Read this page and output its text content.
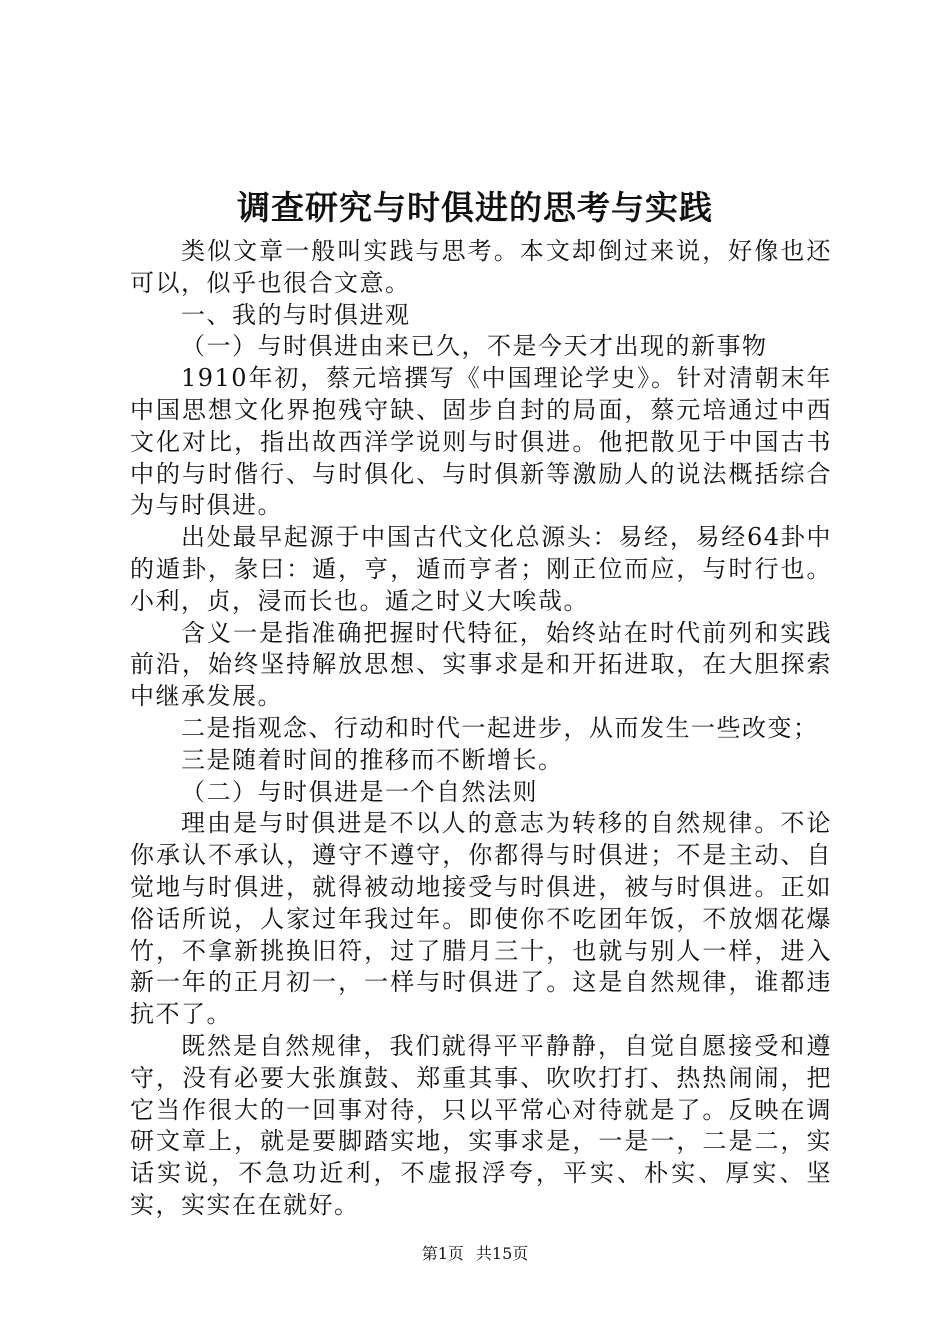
调查研究与时俱进的思考与实践

类似文章一般叫实践与思考。本文却倒过来说，好像也还可以，似乎也很合文意。

一、我的与时俱进观

（一）与时俱进由来已久，不是今天才出现的新事物

1910年初，蔡元培撰写《中国理论学史》。针对清朝末年中国思想文化界抱残守缺、固步自封的局面，蔡元培通过中西文化对比，指出故西洋学说则与时俱进。他把散见于中国古书中的与时偕行、与时俱化、与时俱新等激励人的说法概括综合为与时俱进。

出处最早起源于中国古代文化总源头：易经，易经64卦中的遁卦，彖曰：遁，亨，遁而亨者；刚正位而应，与时行也。小利，贞，浸而长也。遁之时义大唉哉。

含义一是指准确把握时代特征，始终站在时代前列和实践前沿，始终坚持解放思想、实事求是和开拓进取，在大胆探索中继承发展。

二是指观念、行动和时代一起进步，从而发生一些改变；

三是随着时间的推移而不断增长。

（二）与时俱进是一个自然法则

理由是与时俱进是不以人的意志为转移的自然规律。不论你承认不承认，遵守不遵守，你都得与时俱进；不是主动、自觉地与时俱进，就得被动地接受与时俱进，被与时俱进。正如俗话所说，人家过年我过年。即使你不吃团年饭，不放烟花爆竹，不拿新挑换旧符，过了腊月三十，也就与别人一样，进入新一年的正月初一，一样与时俱进了。这是自然规律，谁都违抗不了。

既然是自然规律，我们就得平平静静，自觉自愿接受和遵守，没有必要大张旗鼓、郑重其事、吹吹打打、热热闹闹，把它当作很大的一回事对待，只以平常心对待就是了。反映在调研文章上，就是要脚踏实地，实事求是，一是一，二是二，实话实说，不急功近利，不虚报浮夸，平实、朴实、厚实、坚实，实实在在就好。

第1页 共15页
